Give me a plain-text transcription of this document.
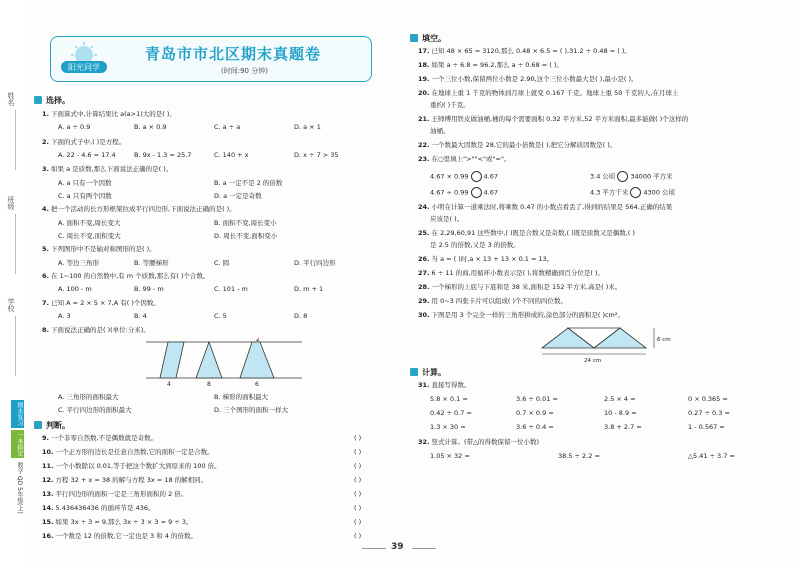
姓名
班级
学校
期末复习
一本搞定
数学 QD 5年级(上)
阳光同学
青岛市市北区期末真题卷
(时间:90 分钟)
选择。
1. 下面算式中,计算结果比 a(a>1)大的是( )。
A. a ÷ 0.9	B. a × 0.9	C. a ÷ a	D. a × 1
2. 下面的式子中,( )是方程。
A. 22 - 4.6 = 17.4	B. 9x - 1.3 = 25.7	C. 140 + x	D. x ÷ 7 > 35
3. 如果 a 是质数,那么下面说法正确的是( )。
A. a 只有一个因数	B. a 一定不是 2 的倍数
C. a 只有两个因数	D. a 一定是奇数
4. 把一个活动的长方形框架拉成平行四边形,下面说法正确的是( )。
A. 面积不变,周长变大	B. 面积不变,周长变小
C. 周长不变,面积变大	D. 周长不变,面积变小
5. 下列图形中不是轴对称图形的是( )。
A. 等边三角形	B. 等腰梯形	C. 圆	D. 平行四边形
6. 在 1~100 的自然数中,有 m 个质数,那么有( )个合数。
A. 100 - m	B. 99 - m	C. 101 - m	D. m + 1
7. 已知 A = 2 × 5 × 7,A 有( )个因数。
A. 3	B. 4	C. 5	D. 8
8. 下面说法正确的是( )(单位:分米)。
2
4	8	6
A. 三角形的面积最大	B. 梯形的面积最大
C. 平行四边形的面积最大	D. 三个图形的面积一样大
判断。
9. 一个非零自然数,不是偶数就是奇数。	( )
10. 一个正方形的边长是任意自然数,它的面积一定是合数。	( )
11. 一个小数除以 0.01,等于把这个数扩大到原来的 100 倍。	( )
12. 方程 32 + x = 38 的解与方程 3x = 18 的解相同。	( )
13. 平行四边形的面积一定是三角形面积的 2 倍。	( )
14. 5.436436436 的循环节是 436。	( )
15. 如果 3x ÷ 3 = 9,那么 3x ÷ 3 × 3 = 9 ÷ 3。	( )
16. 一个数是 12 的倍数,它一定也是 3 和 4 的倍数。	( )
填空。
17. 已知 48 × 65 = 3120,那么 0.48 × 6.5 = ( ),31.2 ÷ 0.48 = ( )。
18. 如果 a ÷ 6.8 = 96.2,那么 a ÷ 0.68 = ( )。
19. 一个三位小数,保留两位小数是 2.90,这个三位小数最大是( ),最小是( )。
20. 在地球上重 1 千克的物体到月球上就变 0.167 千克。地球上重 50 千克的人,在月球上
重约( )千克。
21. 王师傅用铁皮做油桶,桶的每个需要面积 0.32 平方米,52 平方米面积,最多能做( )个这样的
油桶。
22. 一个数最大因数是 28,它的最小倍数是( ),把它分解质因数是( )。
23. 在○里填上">""<"或"="。
4.67 × 0.99 4.67	3.4 公顷 34000 平方米
4.67 ÷ 0.99 4.67	4.3 平方千米 4300 公顷
24. 小明在计算一道乘法时,将乘数 0.47 的小数点看丢了,得到的结果是 564,正确的结果
应该是( )。
25. 在 2,29,60,91 这些数中,( )既是合数又是奇数,( )既是质数又是偶数,( )
是 2.5 的倍数,又是 3 的倍数。
26. 当 a = ( )时,a × 13 + 13 × 0.1 = 13。
27. 6 ÷ 11 的商,用循环小数表示是( ),将数精确到百分位是( )。
28. 一个梯形的上底与下底和是 38 米,面积是 152 平方米,高是( )米。
29. 用 0~3 四张卡片可以组成( )个不同的四位数。
30. 下图是用 3 个完全一样的三角形拼成的,涂色部分的面积是( )cm²。
6 cm
24 cm
计算。
31. 直接写得数。
5.8 × 0.1 =	3.6 ÷ 0.01 =	2.5 × 4 =	0 × 0.365 =
0.42 ÷ 0.7 =	0.7 × 0.9 =	10 - 8.9 =	0.27 ÷ 0.3 =
1.3 × 30 =	3.6 ÷ 0.4 =	3.8 + 2.7 =	1 - 0.567 =
32. 竖式计算。(带△的得数保留一位小数)
1.05 × 32 =	38.5 ÷ 2.2 =	△5.41 ÷ 3.7 ≈
39
